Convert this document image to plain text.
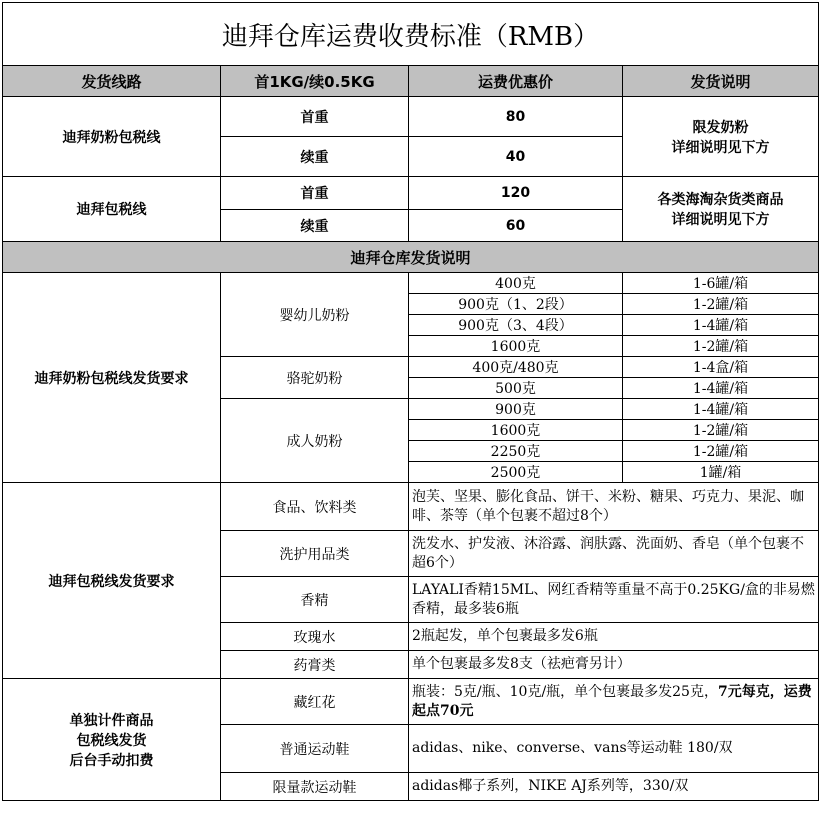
迪拜仓库运费收费标准（RMB）			
发货线路	首1KG/续0.5KG	运费优惠价	发货说明
迪拜奶粉包税线	首重	80	限发奶粉
详细说明见下方

	续重	40	
迪拜包税线	首重	120	各类海淘杂货类商品
详细说明见下方

	续重	60	
迪拜仓库发货说明			
迪拜奶粉包税线发货要求	婴幼儿奶粉	400克	1-6罐/箱
		900克（1、2段）	1-2罐/箱
		900克（3、4段）	1-4罐/箱
		1600克	1-2罐/箱
	骆驼奶粉	400克/480克	1-4盒/箱
		500克	1-4罐/箱
	成人奶粉	900克	1-4罐/箱
		1600克	1-2罐/箱
		2250克	1-2罐/箱
		2500克	1罐/箱
迪拜包税线发货要求	食品、饮料类	泡芙、坚果、膨化食品、饼干、米粉、糖果、巧克力、果泥、咖啡、茶等（单个包裹不超过8个）	
	洗护用品类	洗发水、护发液、沐浴露、润肤露、洗面奶、香皂（单个包裹不超6个）	
	香精	LAYALI香精15ML、网红香精等重量不高于0.25KG/盒的非易燃香精，最多装6瓶	
	玫瑰水	2瓶起发，单个包裹最多发6瓶	
	药膏类	单个包裹最多发8支（祛疤膏另计）	

单独计件商品
包税线发货
后台手动扣费	藏红花	瓶装：5克/瓶、10克/瓶，单个包裹最多发25克，7元每克，运费起点70元	
	普通运动鞋	adidas、nike、converse、vans等运动鞋 180/双	
	限量款运动鞋	adidas椰子系列，NIKE AJ系列等，330/双	
